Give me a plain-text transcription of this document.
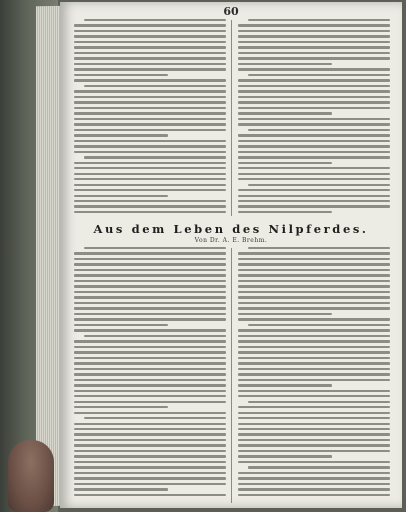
60
Aus dem Leben des Nilpferdes.
Von Dr. A. E. Brehm.
